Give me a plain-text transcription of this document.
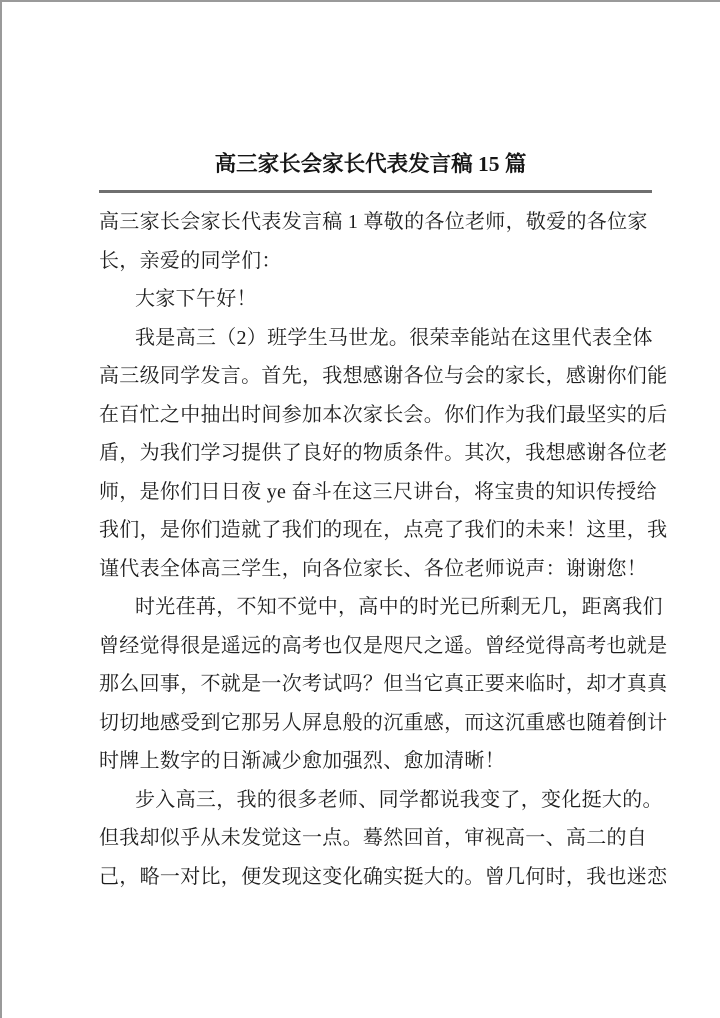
高三家长会家长代表发言稿 15 篇
高三家长会家长代表发言稿 1 尊敬的各位老师，敬爱的各位家
长，亲爱的同学们：
大家下午好！
我是高三（2）班学生马世龙。很荣幸能站在这里代表全体
高三级同学发言。首先，我想感谢各位与会的家长，感谢你们能
在百忙之中抽出时间参加本次家长会。你们作为我们最坚实的后
盾，为我们学习提供了良好的物质条件。其次，我想感谢各位老
师，是你们日日夜 ye 奋斗在这三尺讲台，将宝贵的知识传授给
我们，是你们造就了我们的现在，点亮了我们的未来！这里，我
谨代表全体高三学生，向各位家长、各位老师说声：谢谢您！
时光荏苒，不知不觉中，高中的时光已所剩无几，距离我们
曾经觉得很是遥远的高考也仅是咫尺之遥。曾经觉得高考也就是
那么回事，不就是一次考试吗？但当它真正要来临时，却才真真
切切地感受到它那另人屏息般的沉重感，而这沉重感也随着倒计
时牌上数字的日渐减少愈加强烈、愈加清晰！
步入高三，我的很多老师、同学都说我变了，变化挺大的。
但我却似乎从未发觉这一点。蓦然回首，审视高一、高二的自
己，略一对比，便发现这变化确实挺大的。曾几何时，我也迷恋
